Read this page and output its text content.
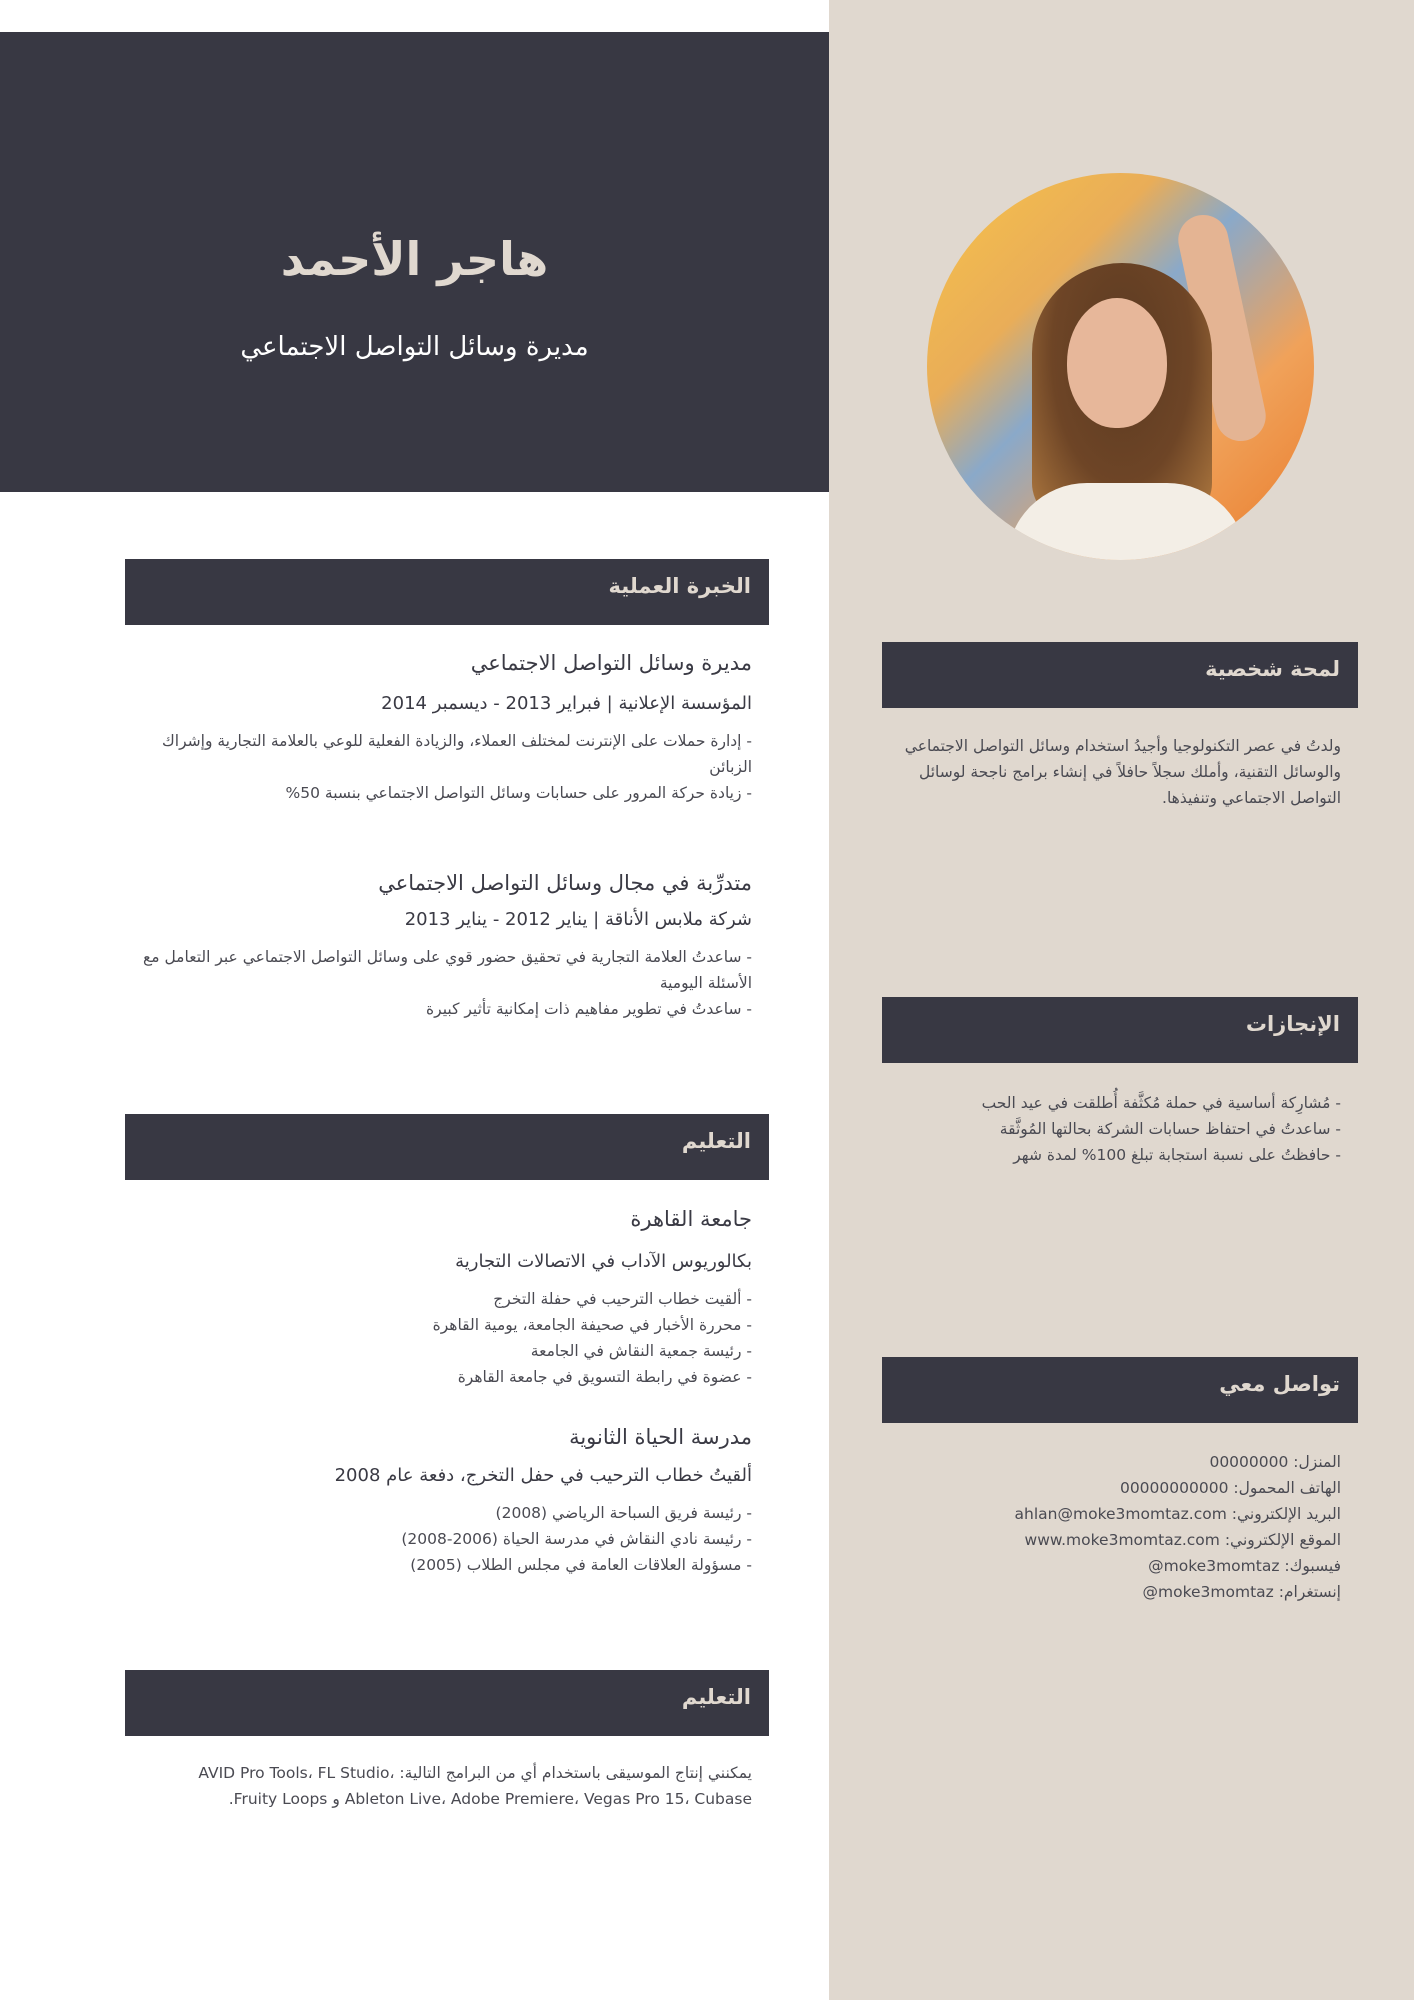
هاجر الأحمد
مديرة وسائل التواصل الاجتماعي
الخبرة العملية
مديرة وسائل التواصل الاجتماعي
المؤسسة الإعلانية | فبراير 2013 - ديسمبر 2014
- إدارة حملات على الإنترنت لمختلف العملاء، والزيادة الفعلية للوعي بالعلامة التجارية وإشراك الزبائن
- زيادة حركة المرور على حسابات وسائل التواصل الاجتماعي بنسبة 50%
متدرِّبة في مجال وسائل التواصل الاجتماعي
شركة ملابس الأناقة | يناير 2012 - يناير 2013
- ساعدتُ العلامة التجارية في تحقيق حضور قوي على وسائل التواصل الاجتماعي عبر التعامل مع الأسئلة اليومية
- ساعدتُ في تطوير مفاهيم ذات إمكانية تأثير كبيرة
التعليم
جامعة القاهرة
بكالوريوس الآداب في الاتصالات التجارية
- ألقيت خطاب الترحيب في حفلة التخرج
- محررة الأخبار في صحيفة الجامعة، يومية القاهرة
- رئيسة جمعية النقاش في الجامعة
- عضوة في رابطة التسويق في جامعة القاهرة
مدرسة الحياة الثانوية
ألقيتُ خطاب الترحيب في حفل التخرج، دفعة عام 2008
- رئيسة فريق السباحة الرياضي (2008)
- رئيسة نادي النقاش في مدرسة الحياة (2006-2008)
- مسؤولة العلاقات العامة في مجلس الطلاب (2005)
التعليم
يمكنني إنتاج الموسيقى باستخدام أي من البرامج التالية: AVID Pro Tools، FL Studio، Ableton Live، Adobe Premiere، Vegas Pro 15، Cubase و Fruity Loops.
لمحة شخصية
ولدتُ في عصر التكنولوجيا وأجيدُ استخدام وسائل التواصل الاجتماعي والوسائل التقنية، وأملك سجلاً حافلاً في إنشاء برامج ناجحة لوسائل التواصل الاجتماعي وتنفيذها.
الإنجازات
- مُشارِكة أساسية في حملة مُكثَّفة أُطلقت في عيد الحب
- ساعدتُ في احتفاظ حسابات الشركة بحالتها المُوثَّقة
- حافظتُ على نسبة استجابة تبلغ 100% لمدة شهر
تواصل معي
المنزل: 00000000
الهاتف المحمول: 00000000000
البريد الإلكتروني: ahlan@moke3momtaz.com
الموقع الإلكتروني: www.moke3momtaz.com
فيسبوك: moke3momtaz@
إنستغرام: moke3momtaz@
